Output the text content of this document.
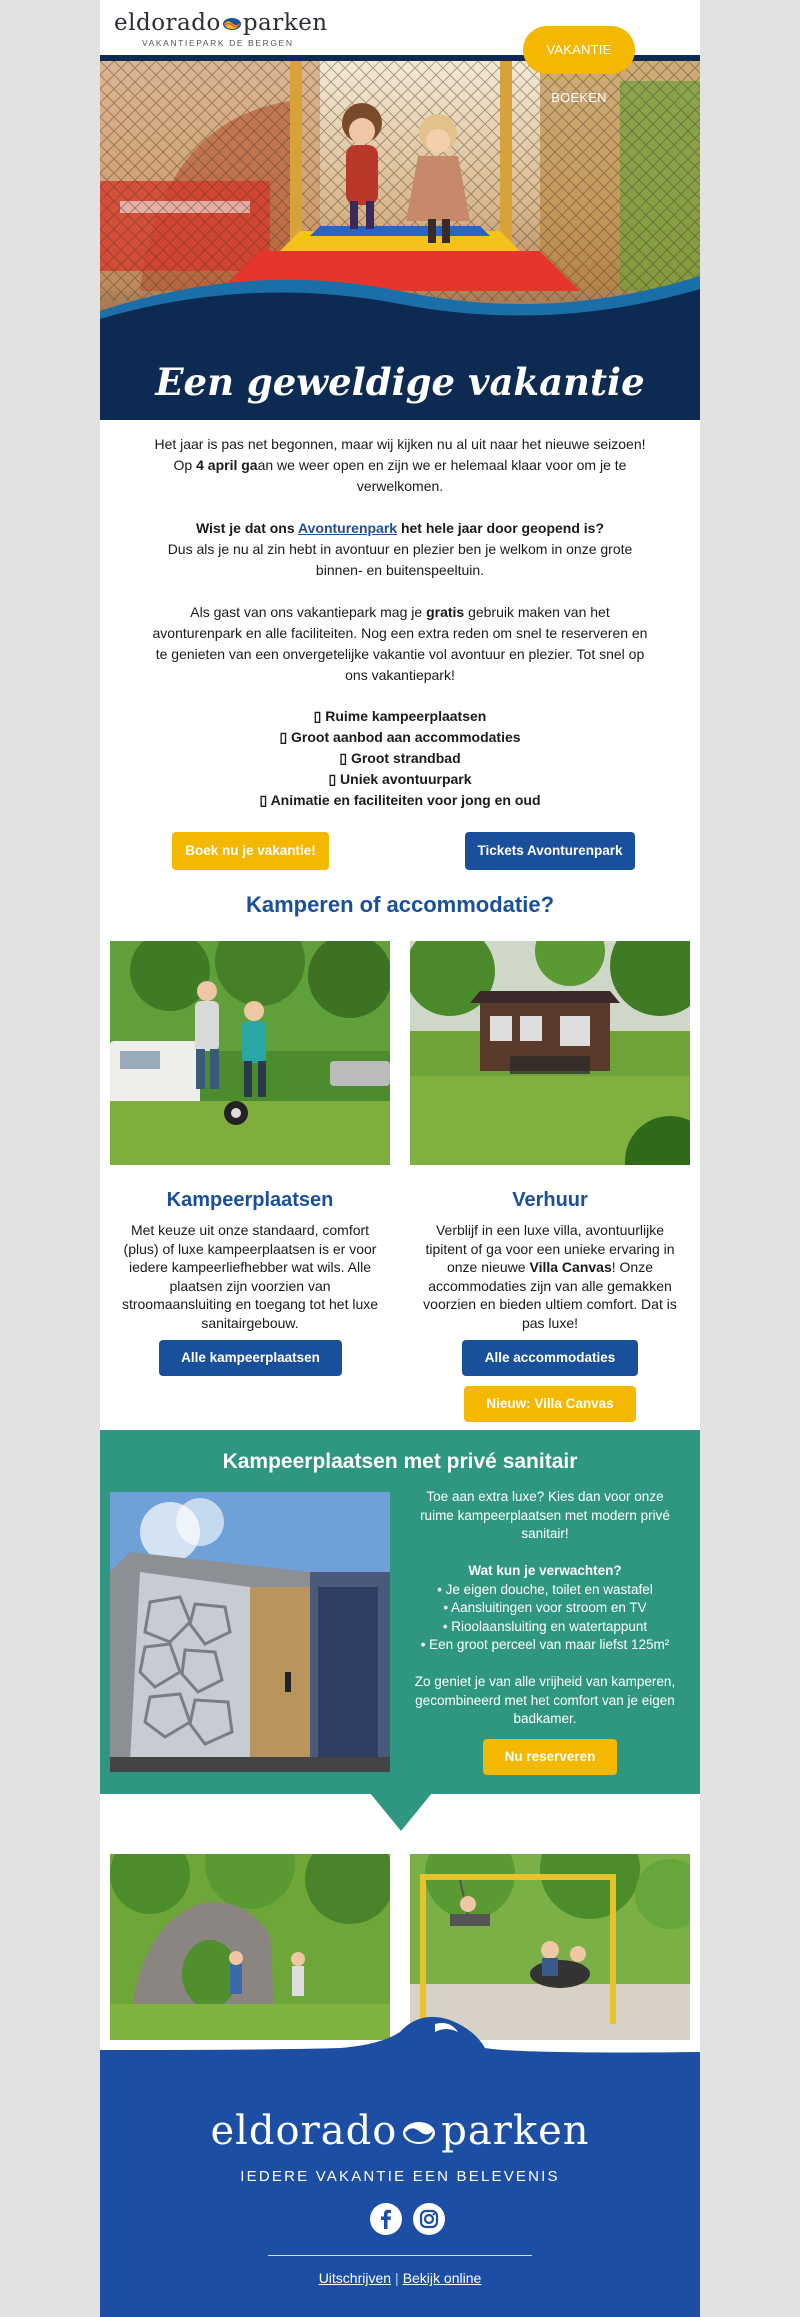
eldorado parken
VAKANTIEPARK DE BERGEN	VAKANTIE BOEKEN
Een geweldige vakantie

Het jaar is pas net begonnen, maar wij kijken nu al uit naar het nieuwe seizoen! Op 4 april gaan we weer open en zijn we er helemaal klaar voor om je te verwelkomen.

Wist je dat ons Avonturenpark het hele jaar door geopend is?
Dus als je nu al zin hebt in avontuur en plezier ben je welkom in onze grote binnen- en buitenspeeltuin.

Als gast van ons vakantiepark mag je gratis gebruik maken van het avonturenpark en alle faciliteiten. Nog een extra reden om snel te reserveren en te genieten van een onvergetelijke vakantie vol avontuur en plezier. Tot snel op ons vakantiepark!

▯ Ruime kampeerplaatsen
▯ Groot aanbod aan accommodaties
▯ Groot strandbad
▯ Uniek avontuurpark
▯ Animatie en faciliteiten voor jong en oud
Boek nu je vakantie!	Tickets Avonturenpark
Kamperen of accommodatie?
Kampeerplaatsen
Met keuze uit onze standaard, comfort (plus) of luxe kampeerplaatsen is er voor iedere kampeerliefhebber wat wils. Alle plaatsen zijn voorzien van stroomaansluiting en toegang tot het luxe sanitairgebouw.
Alle kampeerplaatsen
Verhuur
Verblijf in een luxe villa, avontuurlijke tipitent of ga voor een unieke ervaring in onze nieuwe Villa Canvas! Onze accommodaties zijn van alle gemakken voorzien en bieden ultiem comfort. Dat is pas luxe!
Alle accommodaties
Nieuw: Villa Canvas
Kampeerplaatsen met privé sanitair
Toe aan extra luxe? Kies dan voor onze ruime kampeerplaatsen met modern privé sanitair!
Wat kun je verwachten?
• Je eigen douche, toilet en wastafel
• Aansluitingen voor stroom en TV
• Rioolaansluiting en watertappunt
• Een groot perceel van maar liefst 125m²
Zo geniet je van alle vrijheid van kamperen, gecombineerd met het comfort van je eigen badkamer.
Nu reserveren
eldorado parken
IEDERE VAKANTIE EEN BELEVENIS
Uitschrijven | Bekijk online
